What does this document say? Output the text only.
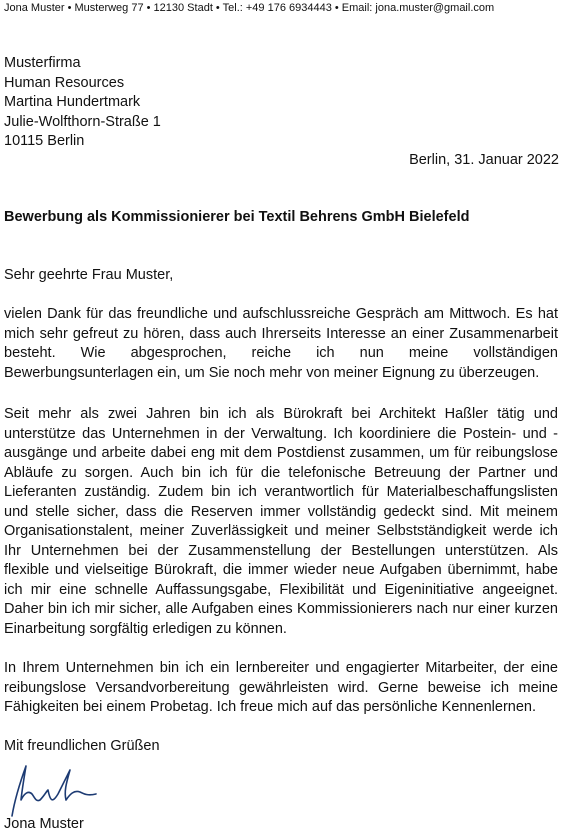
Jona Muster • Musterweg 77 • 12130 Stadt • Tel.: +49 176 6934443 • Email: jona.muster@gmail.com
Musterfirma
Human Resources
Martina Hundertmark
Julie-Wolfthorn-Straße 1
10115 Berlin
Berlin, 31. Januar 2022
Bewerbung als Kommissionierer bei Textil Behrens GmbH Bielefeld
Sehr geehrte Frau Muster,
vielen Dank für das freundliche und aufschlussreiche Gespräch am Mittwoch. Es hat mich sehr gefreut zu hören, dass auch Ihrerseits Interesse an einer Zusammenarbeit besteht. Wie abgesprochen, reiche ich nun meine vollständigen Bewerbungsunterlagen ein, um Sie noch mehr von meiner Eignung zu überzeugen.
Seit mehr als zwei Jahren bin ich als Bürokraft bei Architekt Haßler tätig und unterstütze das Unternehmen in der Verwaltung. Ich koordiniere die Postein- und -ausgänge und arbeite dabei eng mit dem Postdienst zusammen, um für reibungslose Abläufe zu sorgen. Auch bin ich für die telefonische Betreuung der Partner und Lieferanten zuständig. Zudem bin ich verantwortlich für Materialbeschaffungslisten und stelle sicher, dass die Reserven immer vollständig gedeckt sind. Mit meinem Organisationstalent, meiner Zuverlässigkeit und meiner Selbstständigkeit werde ich Ihr Unternehmen bei der Zusammenstellung der Bestellungen unterstützen. Als flexible und vielseitige Bürokraft, die immer wieder neue Aufgaben übernimmt, habe ich mir eine schnelle Auffassungsgabe, Flexibilität und Eigeninitiative angeeignet. Daher bin ich mir sicher, alle Aufgaben eines Kommissionierers nach nur einer kurzen Einarbeitung sorgfältig erledigen zu können.
In Ihrem Unternehmen bin ich ein lernbereiter und engagierter Mitarbeiter, der eine reibungslose Versandvorbereitung gewährleisten wird. Gerne beweise ich meine Fähigkeiten bei einem Probetag. Ich freue mich auf das persönliche Kennenlernen.
Mit freundlichen Grüßen
Jona Muster
